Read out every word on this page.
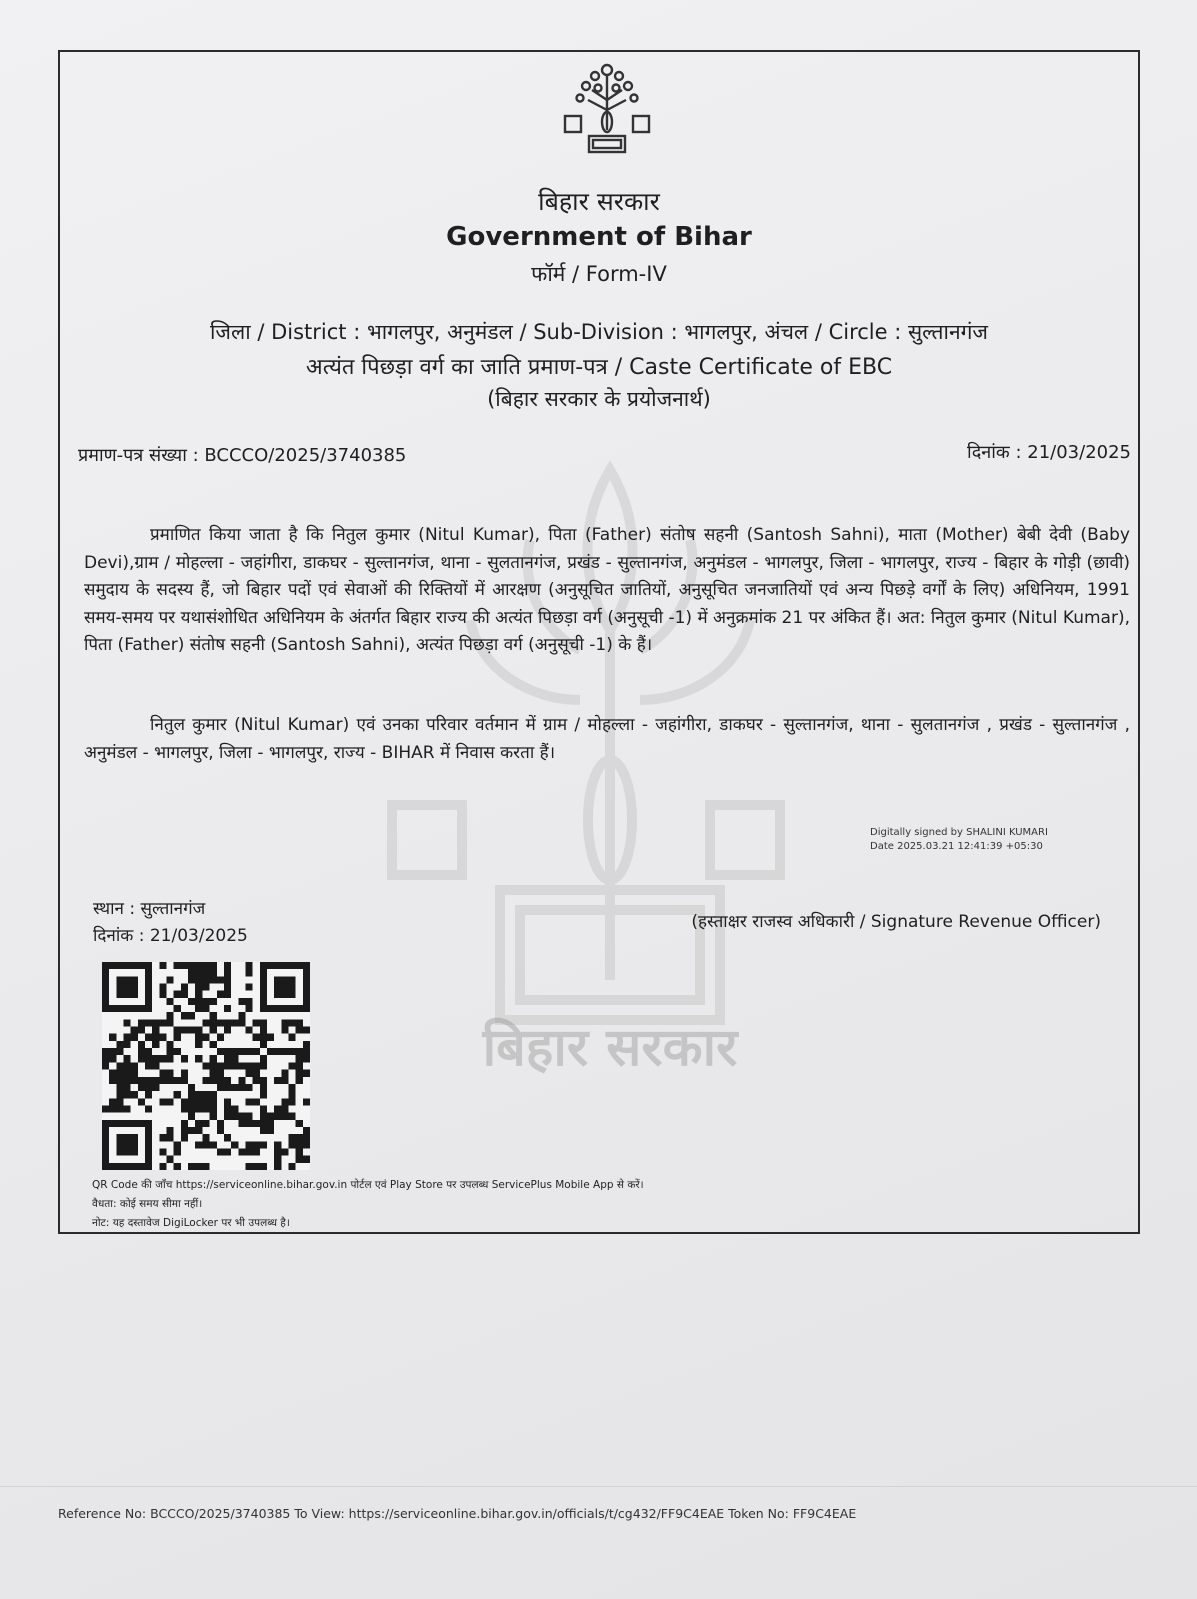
बिहार सरकार
बिहार सरकार
Government of Bihar
फॉर्म / Form-IV
जिला / District : भागलपुर, अनुमंडल / Sub-Division : भागलपुर, अंचल / Circle : सुल्तानगंज
अत्यंत पिछड़ा वर्ग का जाति प्रमाण-पत्र / Caste Certificate of EBC
(बिहार सरकार के प्रयोजनार्थ)
प्रमाण-पत्र संख्या : BCCCO/2025/3740385	दिनांक : 21/03/2025
प्रमाणित किया जाता है कि नितुल कुमार (Nitul Kumar), पिता (Father) संतोष सहनी (Santosh Sahni), माता (Mother) बेबी देवी (Baby Devi),ग्राम / मोहल्ला - जहांगीरा, डाकघर - सुल्तानगंज, थाना - सुलतानगंज, प्रखंड - सुल्तानगंज, अनुमंडल - भागलपुर, जिला - भागलपुर, राज्य - बिहार के गोड़ी (छावी) समुदाय के सदस्य हैं, जो बिहार पदों एवं सेवाओं की रिक्तियों में आरक्षण (अनुसूचित जातियों, अनुसूचित जनजातियों एवं अन्य पिछड़े वर्गों के लिए) अधिनियम, 1991 समय-समय पर यथासंशोधित अधिनियम के अंतर्गत बिहार राज्य की अत्यंत पिछड़ा वर्ग (अनुसूची -1) में अनुक्रमांक 21 पर अंकित हैं। अत: नितुल कुमार (Nitul Kumar), पिता (Father) संतोष सहनी (Santosh Sahni), अत्यंत पिछड़ा वर्ग (अनुसूची -1) के हैं।
नितुल कुमार (Nitul Kumar) एवं उनका परिवार वर्तमान में ग्राम / मोहल्ला - जहांगीरा, डाकघर - सुल्तानगंज, थाना - सुलतानगंज , प्रखंड - सुल्तानगंज , अनुमंडल - भागलपुर, जिला - भागलपुर, राज्य - BIHAR में निवास करता हैं।
Digitally signed by SHALINI KUMARI
Date 2025.03.21 12:41:39 +05:30
स्थान : सुल्तानगंज
दिनांक : 21/03/2025
(हस्ताक्षर राजस्व अधिकारी / Signature Revenue Officer)
QR Code की जाँच https://serviceonline.bihar.gov.in पोर्टल एवं Play Store पर उपलब्ध ServicePlus Mobile App से करें।
वैधता: कोई समय सीमा नहीं।
नोट: यह दस्तावेज DigiLocker पर भी उपलब्ध है।
Reference No: BCCCO/2025/3740385 To View: https://serviceonline.bihar.gov.in/officials/t/cg432/FF9C4EAE Token No: FF9C4EAE
